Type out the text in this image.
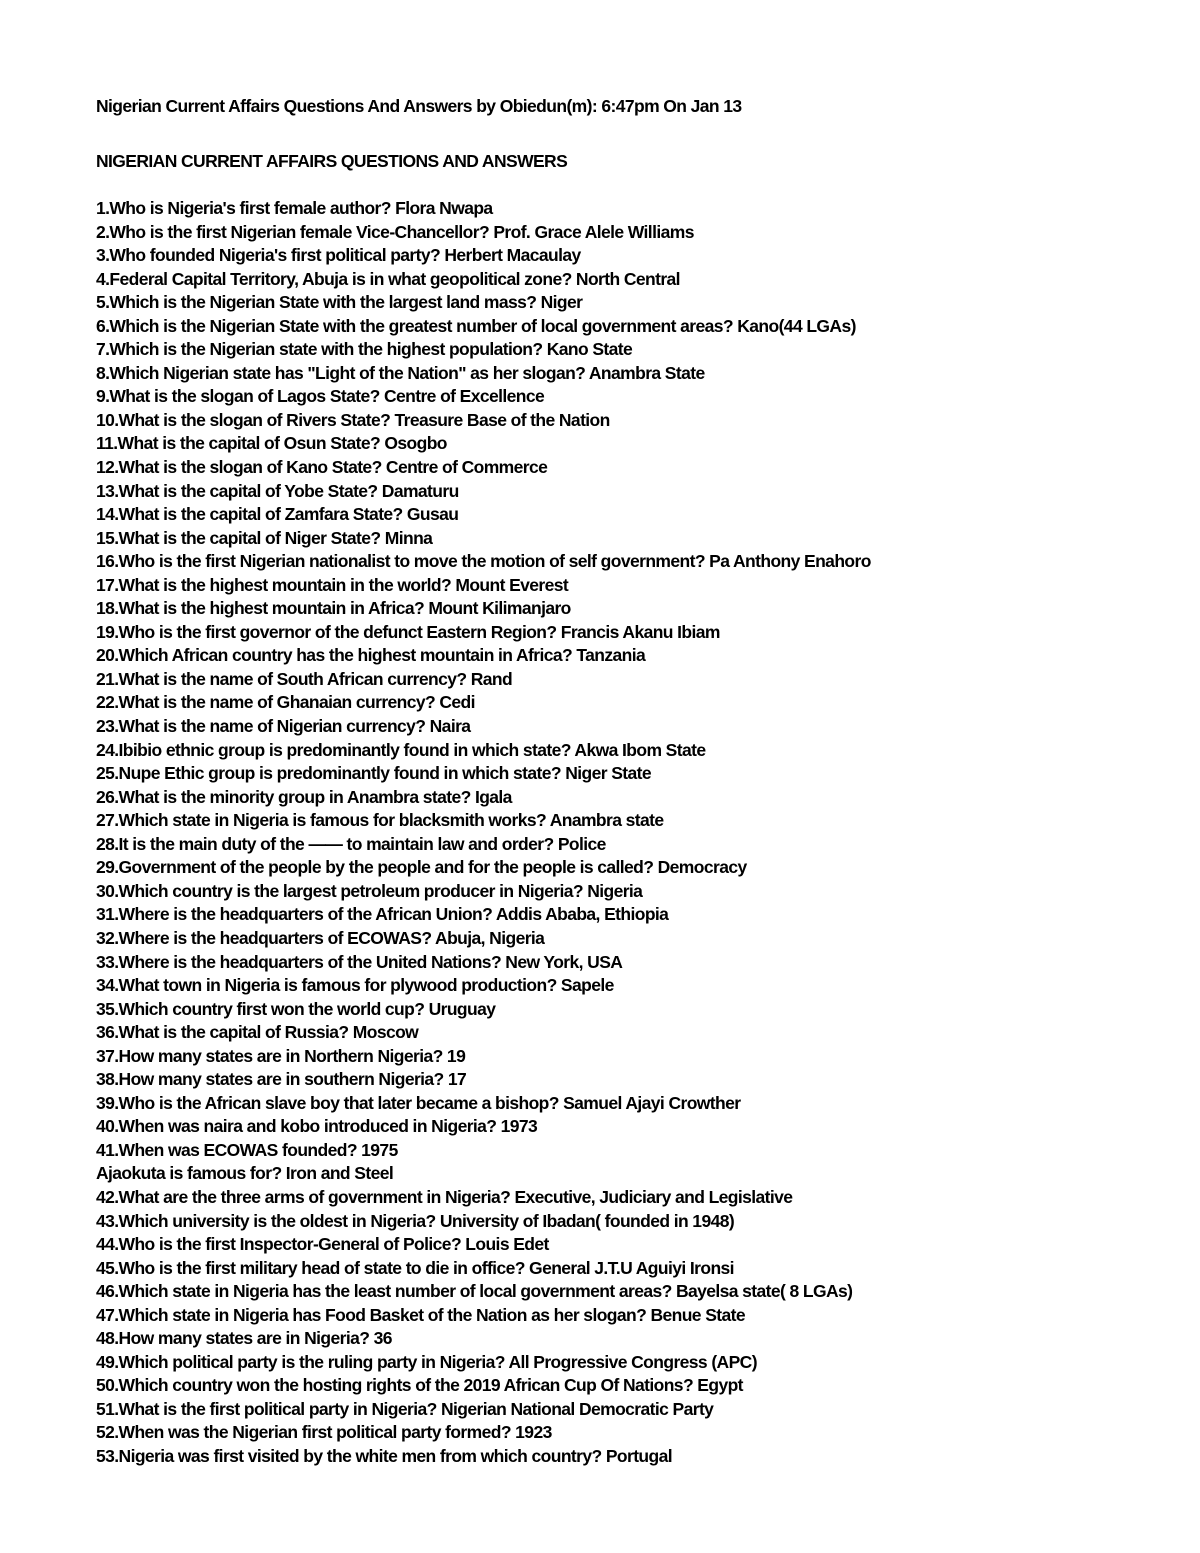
Nigerian Current Affairs Questions And Answers by Obiedun(m): 6:47pm On Jan 13

NIGERIAN CURRENT AFFAIRS QUESTIONS AND ANSWERS

1.Who is Nigeria's first female author? Flora Nwapa
2.Who is the first Nigerian female Vice-Chancellor? Prof. Grace Alele Williams
3.Who founded Nigeria's first political party? Herbert Macaulay
4.Federal Capital Territory, Abuja is in what geopolitical zone? North Central
5.Which is the Nigerian State with the largest land mass? Niger
6.Which is the Nigerian State with the greatest number of local government areas? Kano(44 LGAs)
7.Which is the Nigerian state with the highest population? Kano State
8.Which Nigerian state has "Light of the Nation" as her slogan? Anambra State
9.What is the slogan of Lagos State? Centre of Excellence
10.What is the slogan of Rivers State? Treasure Base of the Nation
11.What is the capital of Osun State? Osogbo
12.What is the slogan of Kano State? Centre of Commerce
13.What is the capital of Yobe State? Damaturu
14.What is the capital of Zamfara State? Gusau
15.What is the capital of Niger State? Minna
16.Who is the first Nigerian nationalist to move the motion of self government? Pa Anthony Enahoro
17.What is the highest mountain in the world? Mount Everest
18.What is the highest mountain in Africa? Mount Kilimanjaro
19.Who is the first governor of the defunct Eastern Region? Francis Akanu Ibiam
20.Which African country has the highest mountain in Africa? Tanzania
21.What is the name of South African currency? Rand
22.What is the name of Ghanaian currency? Cedi
23.What is the name of Nigerian currency? Naira
24.Ibibio ethnic group is predominantly found in which state? Akwa Ibom State
25.Nupe Ethic group is predominantly found in which state? Niger State
26.What is the minority group in Anambra state? Igala
27.Which state in Nigeria is famous for blacksmith works? Anambra state
28.It is the main duty of the —— to maintain law and order? Police
29.Government of the people by the people and for the people is called? Democracy
30.Which country is the largest petroleum producer in Nigeria? Nigeria
31.Where is the headquarters of the African Union? Addis Ababa, Ethiopia
32.Where is the headquarters of ECOWAS? Abuja, Nigeria
33.Where is the headquarters of the United Nations? New York, USA
34.What town in Nigeria is famous for plywood production? Sapele
35.Which country first won the world cup? Uruguay
36.What is the capital of Russia? Moscow
37.How many states are in Northern Nigeria? 19
38.How many states are in southern Nigeria? 17
39.Who is the African slave boy that later became a bishop? Samuel Ajayi Crowther
40.When was naira and kobo introduced in Nigeria? 1973
41.When was ECOWAS founded? 1975
Ajaokuta is famous for? Iron and Steel
42.What are the three arms of government in Nigeria? Executive, Judiciary and Legislative
43.Which university is the oldest in Nigeria? University of Ibadan( founded in 1948)
44.Who is the first Inspector-General of Police? Louis Edet
45.Who is the first military head of state to die in office? General J.T.U Aguiyi Ironsi
46.Which state in Nigeria has the least number of local government areas? Bayelsa state( 8 LGAs)
47.Which state in Nigeria has Food Basket of the Nation as her slogan? Benue State
48.How many states are in Nigeria? 36
49.Which political party is the ruling party in Nigeria? All Progressive Congress (APC)
50.Which country won the hosting rights of the 2019 African Cup Of Nations? Egypt
51.What is the first political party in Nigeria? Nigerian National Democratic Party
52.When was the Nigerian first political party formed? 1923
53.Nigeria was first visited by the white men from which country? Portugal
